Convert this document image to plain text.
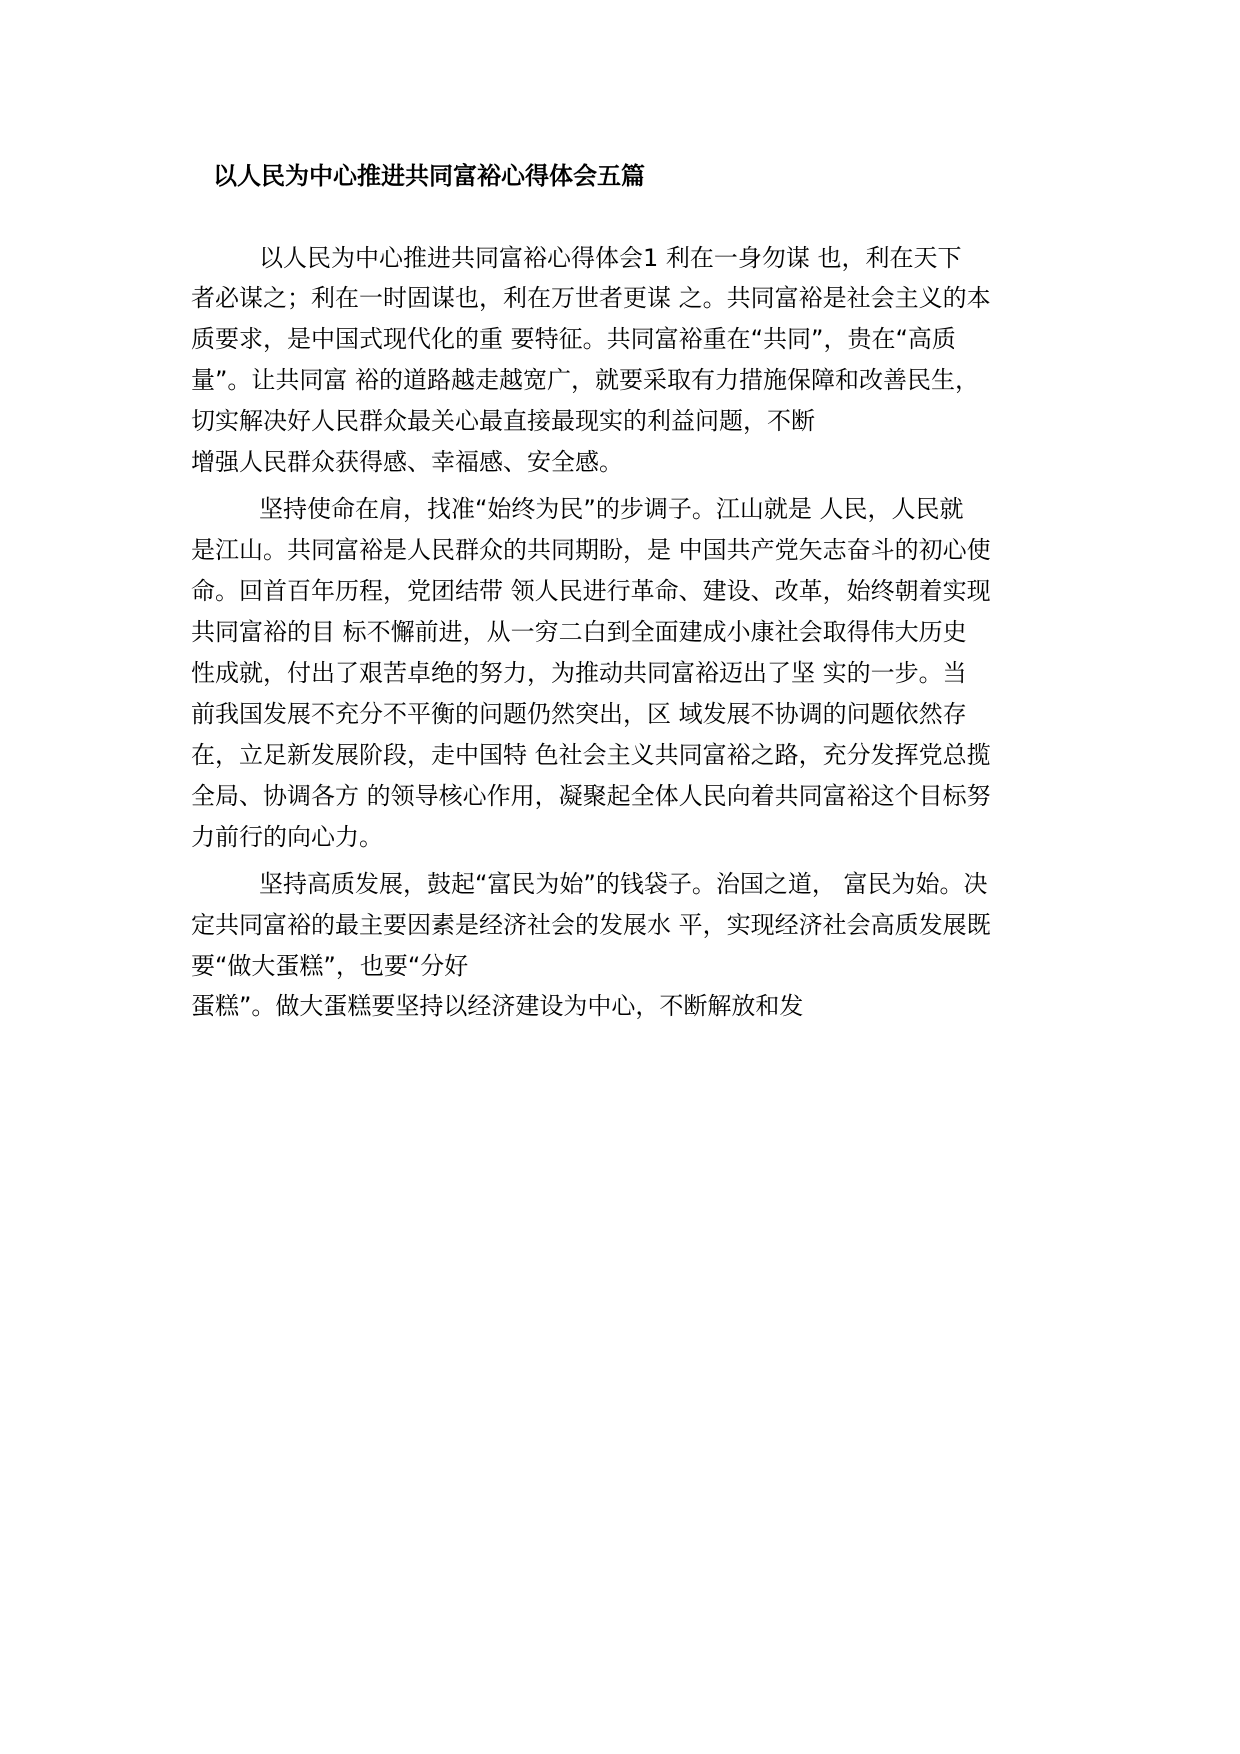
以人民为中心推进共同富裕心得体会五篇
以人民为中心推进共同富裕心得体会1 利在一身勿谋 也，利在天下
者必谋之；利在一时固谋也，利在万世者更谋 之。共同富裕是社会主义的本
质要求，是中国式现代化的重 要特征。共同富裕重在“共同”，贵在“高质
量”。让共同富 裕的道路越走越宽广，就要采取有力措施保障和改善民生，
切实解决好人民群众最关心最直接最现实的利益问题，不断
增强人民群众获得感、幸福感、安全感。
坚持使命在肩，找准“始终为民”的步调子。江山就是 人民，人民就
是江山。共同富裕是人民群众的共同期盼，是 中国共产党矢志奋斗的初心使
命。回首百年历程，党团结带 领人民进行革命、建设、改革，始终朝着实现
共同富裕的目 标不懈前进，从一穷二白到全面建成小康社会取得伟大历史
性成就，付出了艰苦卓绝的努力，为推动共同富裕迈出了坚 实的一步。当
前我国发展不充分不平衡的问题仍然突出，区 域发展不协调的问题依然存
在，立足新发展阶段，走中国特 色社会主义共同富裕之路，充分发挥党总揽
全局、协调各方 的领导核心作用，凝聚起全体人民向着共同富裕这个目标努
力前行的向心力。
坚持高质发展，鼓起“富民为始”的钱袋子。治国之道， 富民为始。决
定共同富裕的最主要因素是经济社会的发展水 平，实现经济社会高质发展既
要“做大蛋糕”，也要“分好
蛋糕”。做大蛋糕要坚持以经济建设为中心，不断解放和发
